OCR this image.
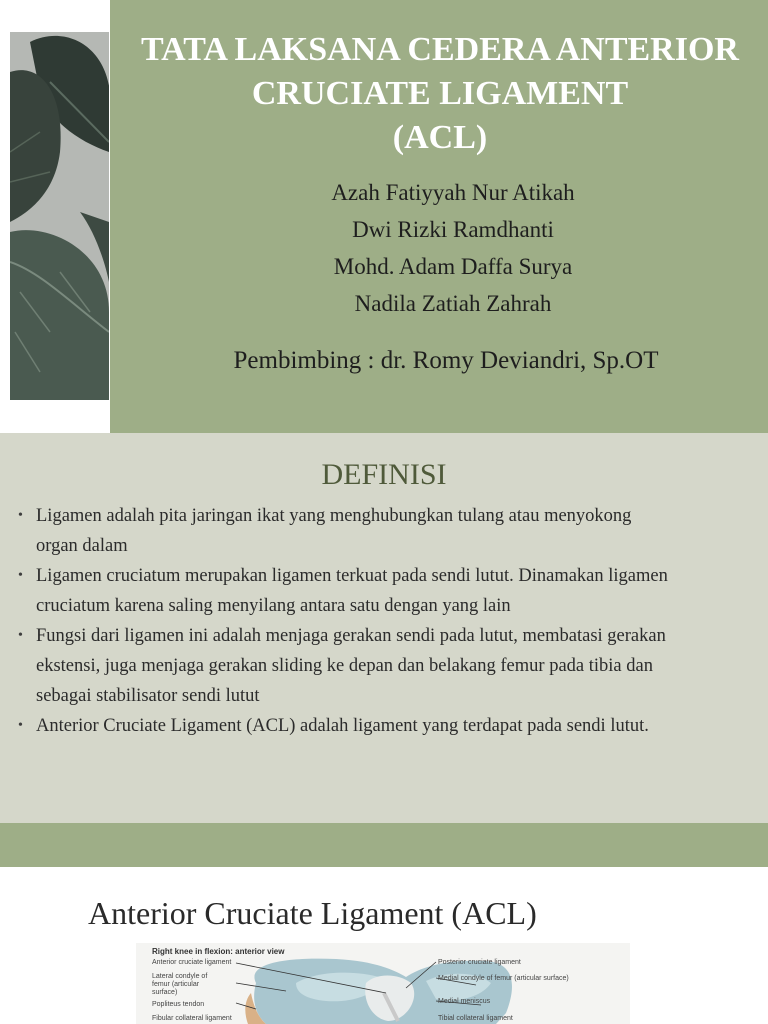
TATA LAKSANA CEDERA ANTERIOR
CRUCIATE LIGAMENT
(ACL)
Azah Fatiyyah Nur Atikah
Dwi Rizki Ramdhanti
Mohd. Adam Daffa Surya
Nadila Zatiah Zahrah
Pembimbing : dr. Romy Deviandri, Sp.OT
DEFINISI
• Ligamen adalah pita jaringan ikat yang menghubungkan tulang atau menyokong
organ dalam
• Ligamen cruciatum merupakan ligamen terkuat pada sendi lutut. Dinamakan ligamen
cruciatum karena saling menyilang antara satu dengan yang lain
• Fungsi dari ligamen ini adalah menjaga gerakan sendi pada lutut, membatasi gerakan
ekstensi, juga menjaga gerakan sliding ke depan dan belakang femur pada tibia dan
sebagai stabilisator sendi lutut
• Anterior Cruciate Ligament (ACL) adalah ligament yang terdapat pada sendi lutut.
Anterior Cruciate Ligament (ACL)
Right knee in flexion: anterior view
Anterior cruciate ligament
Lateral condyle of
femur (articular
surface)
Popliteus tendon
Fibular collateral ligament
Posterior cruciate ligament
Medial condyle of femur (articular surface)
Medial meniscus
Tibial collateral ligament
